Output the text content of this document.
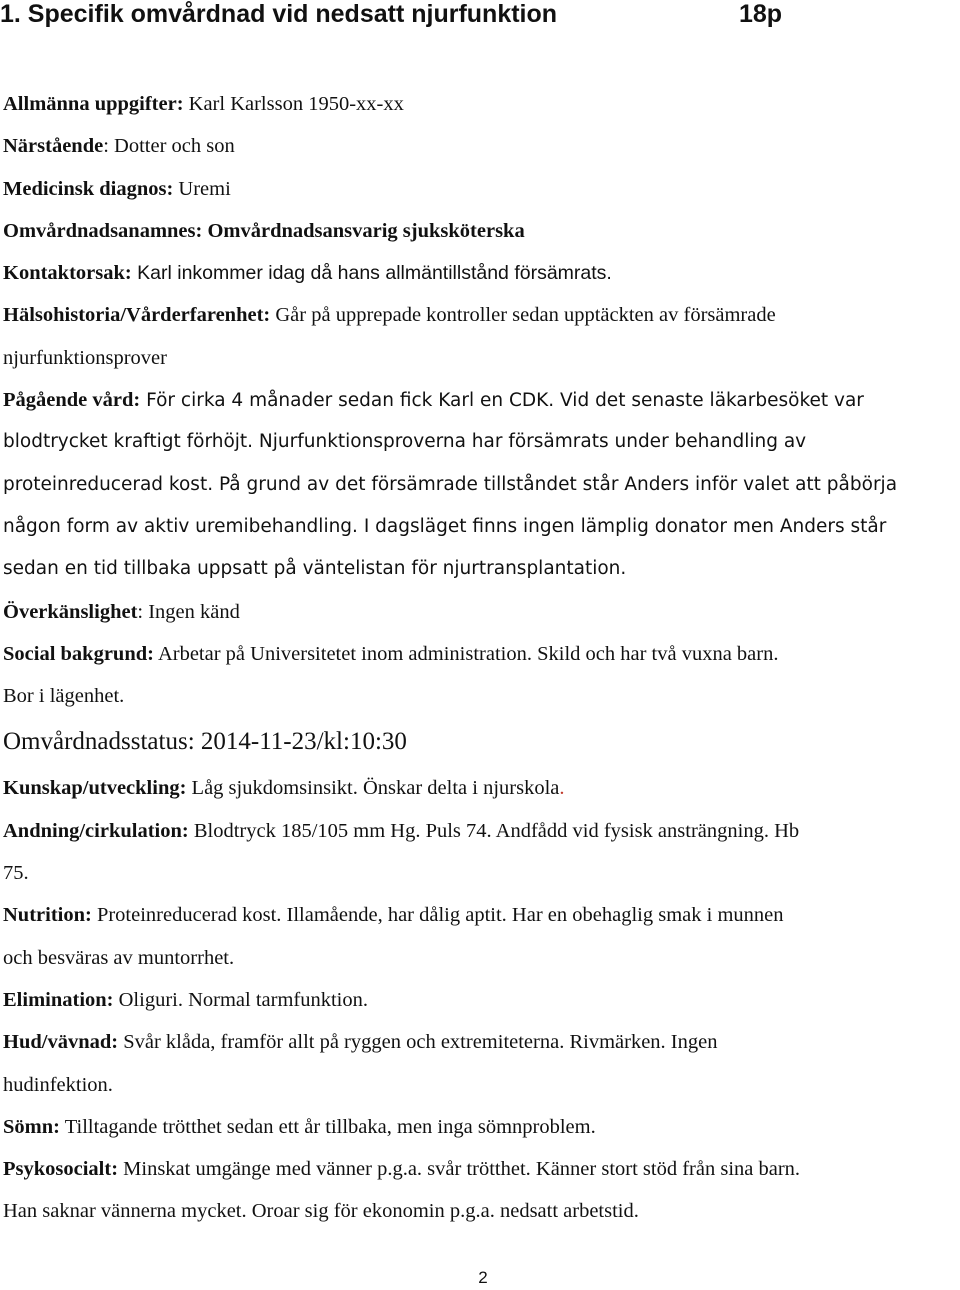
1. Specifik omvårdnad vid nedsatt njurfunktion	18p
Allmänna uppgifter: Karl Karlsson 1950-xx-xx
Närstående: Dotter och son
Medicinsk diagnos: Uremi
Omvårdnadsanamnes: Omvårdnadsansvarig sjuksköterska
Kontaktorsak: Karl inkommer idag då hans allmäntillstånd försämrats.
Hälsohistoria/Vårderfarenhet: Går på upprepade kontroller sedan upptäckten av försämrade
njurfunktionsprover
Pågående vård: För cirka 4 månader sedan fick Karl en CDK. Vid det senaste läkarbesöket var
blodtrycket kraftigt förhöjt. Njurfunktionsproverna har försämrats under behandling av
proteinreducerad kost. På grund av det försämrade tillståndet står Anders inför valet att påbörja
någon form av aktiv uremibehandling. I dagsläget finns ingen lämplig donator men Anders står
sedan en tid tillbaka uppsatt på väntelistan för njurtransplantation.
Överkänslighet: Ingen känd
Social bakgrund: Arbetar på Universitetet inom administration. Skild och har två vuxna barn.
Bor i lägenhet.
Omvårdnadsstatus: 2014-11-23/kl:10:30
Kunskap/utveckling: Låg sjukdomsinsikt. Önskar delta i njurskola.
Andning/cirkulation: Blodtryck 185/105 mm Hg. Puls 74. Andfådd vid fysisk ansträngning. Hb
75.
Nutrition: Proteinreducerad kost. Illamående, har dålig aptit. Har en obehaglig smak i munnen
och besväras av muntorrhet.
Elimination: Oliguri. Normal tarmfunktion.
Hud/vävnad: Svår klåda, framför allt på ryggen och extremiteterna. Rivmärken. Ingen
hudinfektion.
Sömn: Tilltagande trötthet sedan ett år tillbaka, men inga sömnproblem.
Psykosocialt: Minskat umgänge med vänner p.g.a. svår trötthet. Känner stort stöd från sina barn.
Han saknar vännerna mycket. Oroar sig för ekonomin p.g.a. nedsatt arbetstid.
2
